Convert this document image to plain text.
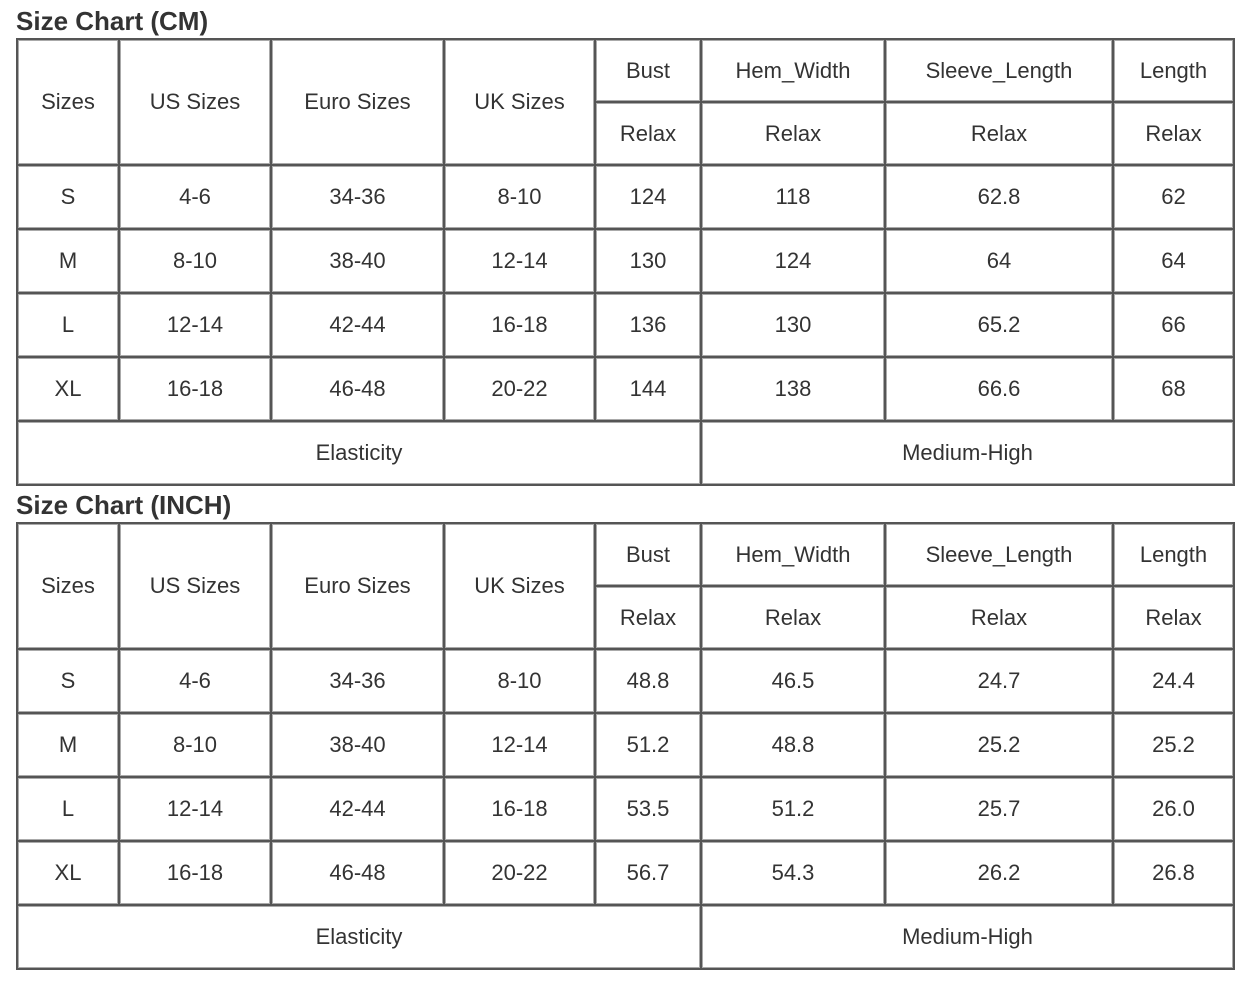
Size Chart (CM)
Sizes	US Sizes	Euro Sizes	UK Sizes	Bust	Hem_Width	Sleeve_Length	Length
				Relax	Relax	Relax	Relax
S	4-6	34-36	8-10	124	118	62.8	62
M	8-10	38-40	12-14	130	124	64	64
L	12-14	42-44	16-18	136	130	65.2	66
XL	16-18	46-48	20-22	144	138	66.6	68
Elasticity					Medium-High		
Size Chart (INCH)
Sizes	US Sizes	Euro Sizes	UK Sizes	Bust	Hem_Width	Sleeve_Length	Length
				Relax	Relax	Relax	Relax
S	4-6	34-36	8-10	48.8	46.5	24.7	24.4
M	8-10	38-40	12-14	51.2	48.8	25.2	25.2
L	12-14	42-44	16-18	53.5	51.2	25.7	26.0
XL	16-18	46-48	20-22	56.7	54.3	26.2	26.8
Elasticity					Medium-High		
